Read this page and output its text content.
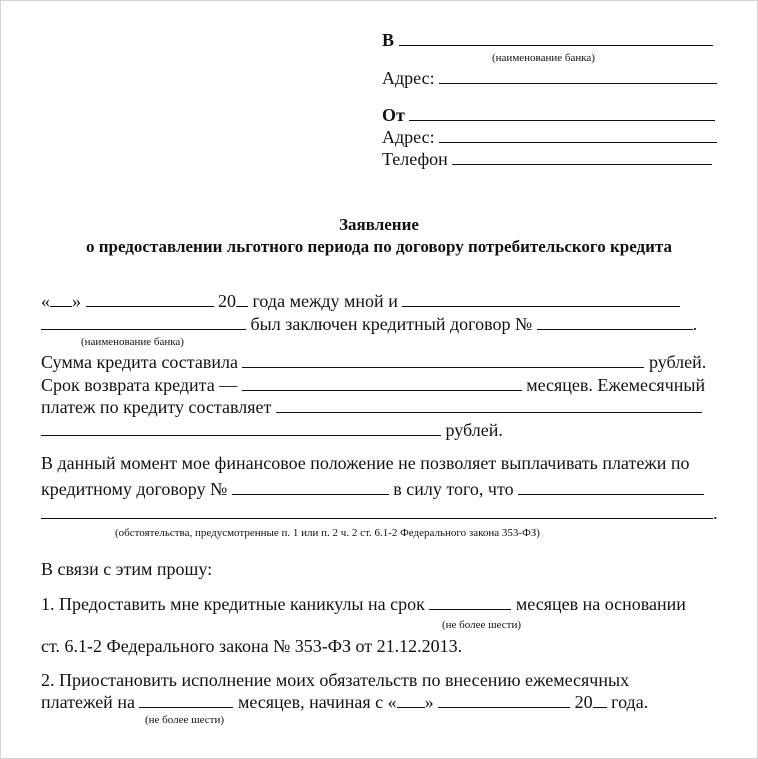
В
(наименование банка)
Адрес:
От
Адрес:
Телефон
Заявление
о предоставлении льготного периода по договору потребительского кредита
« »	20 года между мной и
был заключен кредитный договор №	.
(наименование банка)
Сумма кредита составила	рублей.
Срок возврата кредита —	месяцев. Ежемесячный
платеж по кредиту составляет
рублей.
В данный момент мое финансовое положение не позволяет выплачивать платежи по
кредитному договору №	в силу того, что
.
(обстоятельства, предусмотренные п. 1 или п. 2 ч. 2 ст. 6.1-2 Федерального закона 353-ФЗ)
В связи с этим прошу:
1. Предоставить мне кредитные каникулы на срок	месяцев на основании
(не более шести)
ст. 6.1-2 Федерального закона № 353-ФЗ от 21.12.2013.
2. Приостановить исполнение моих обязательств по внесению ежемесячных
платежей на	месяцев, начиная с « »	20 года.
(не более шести)
